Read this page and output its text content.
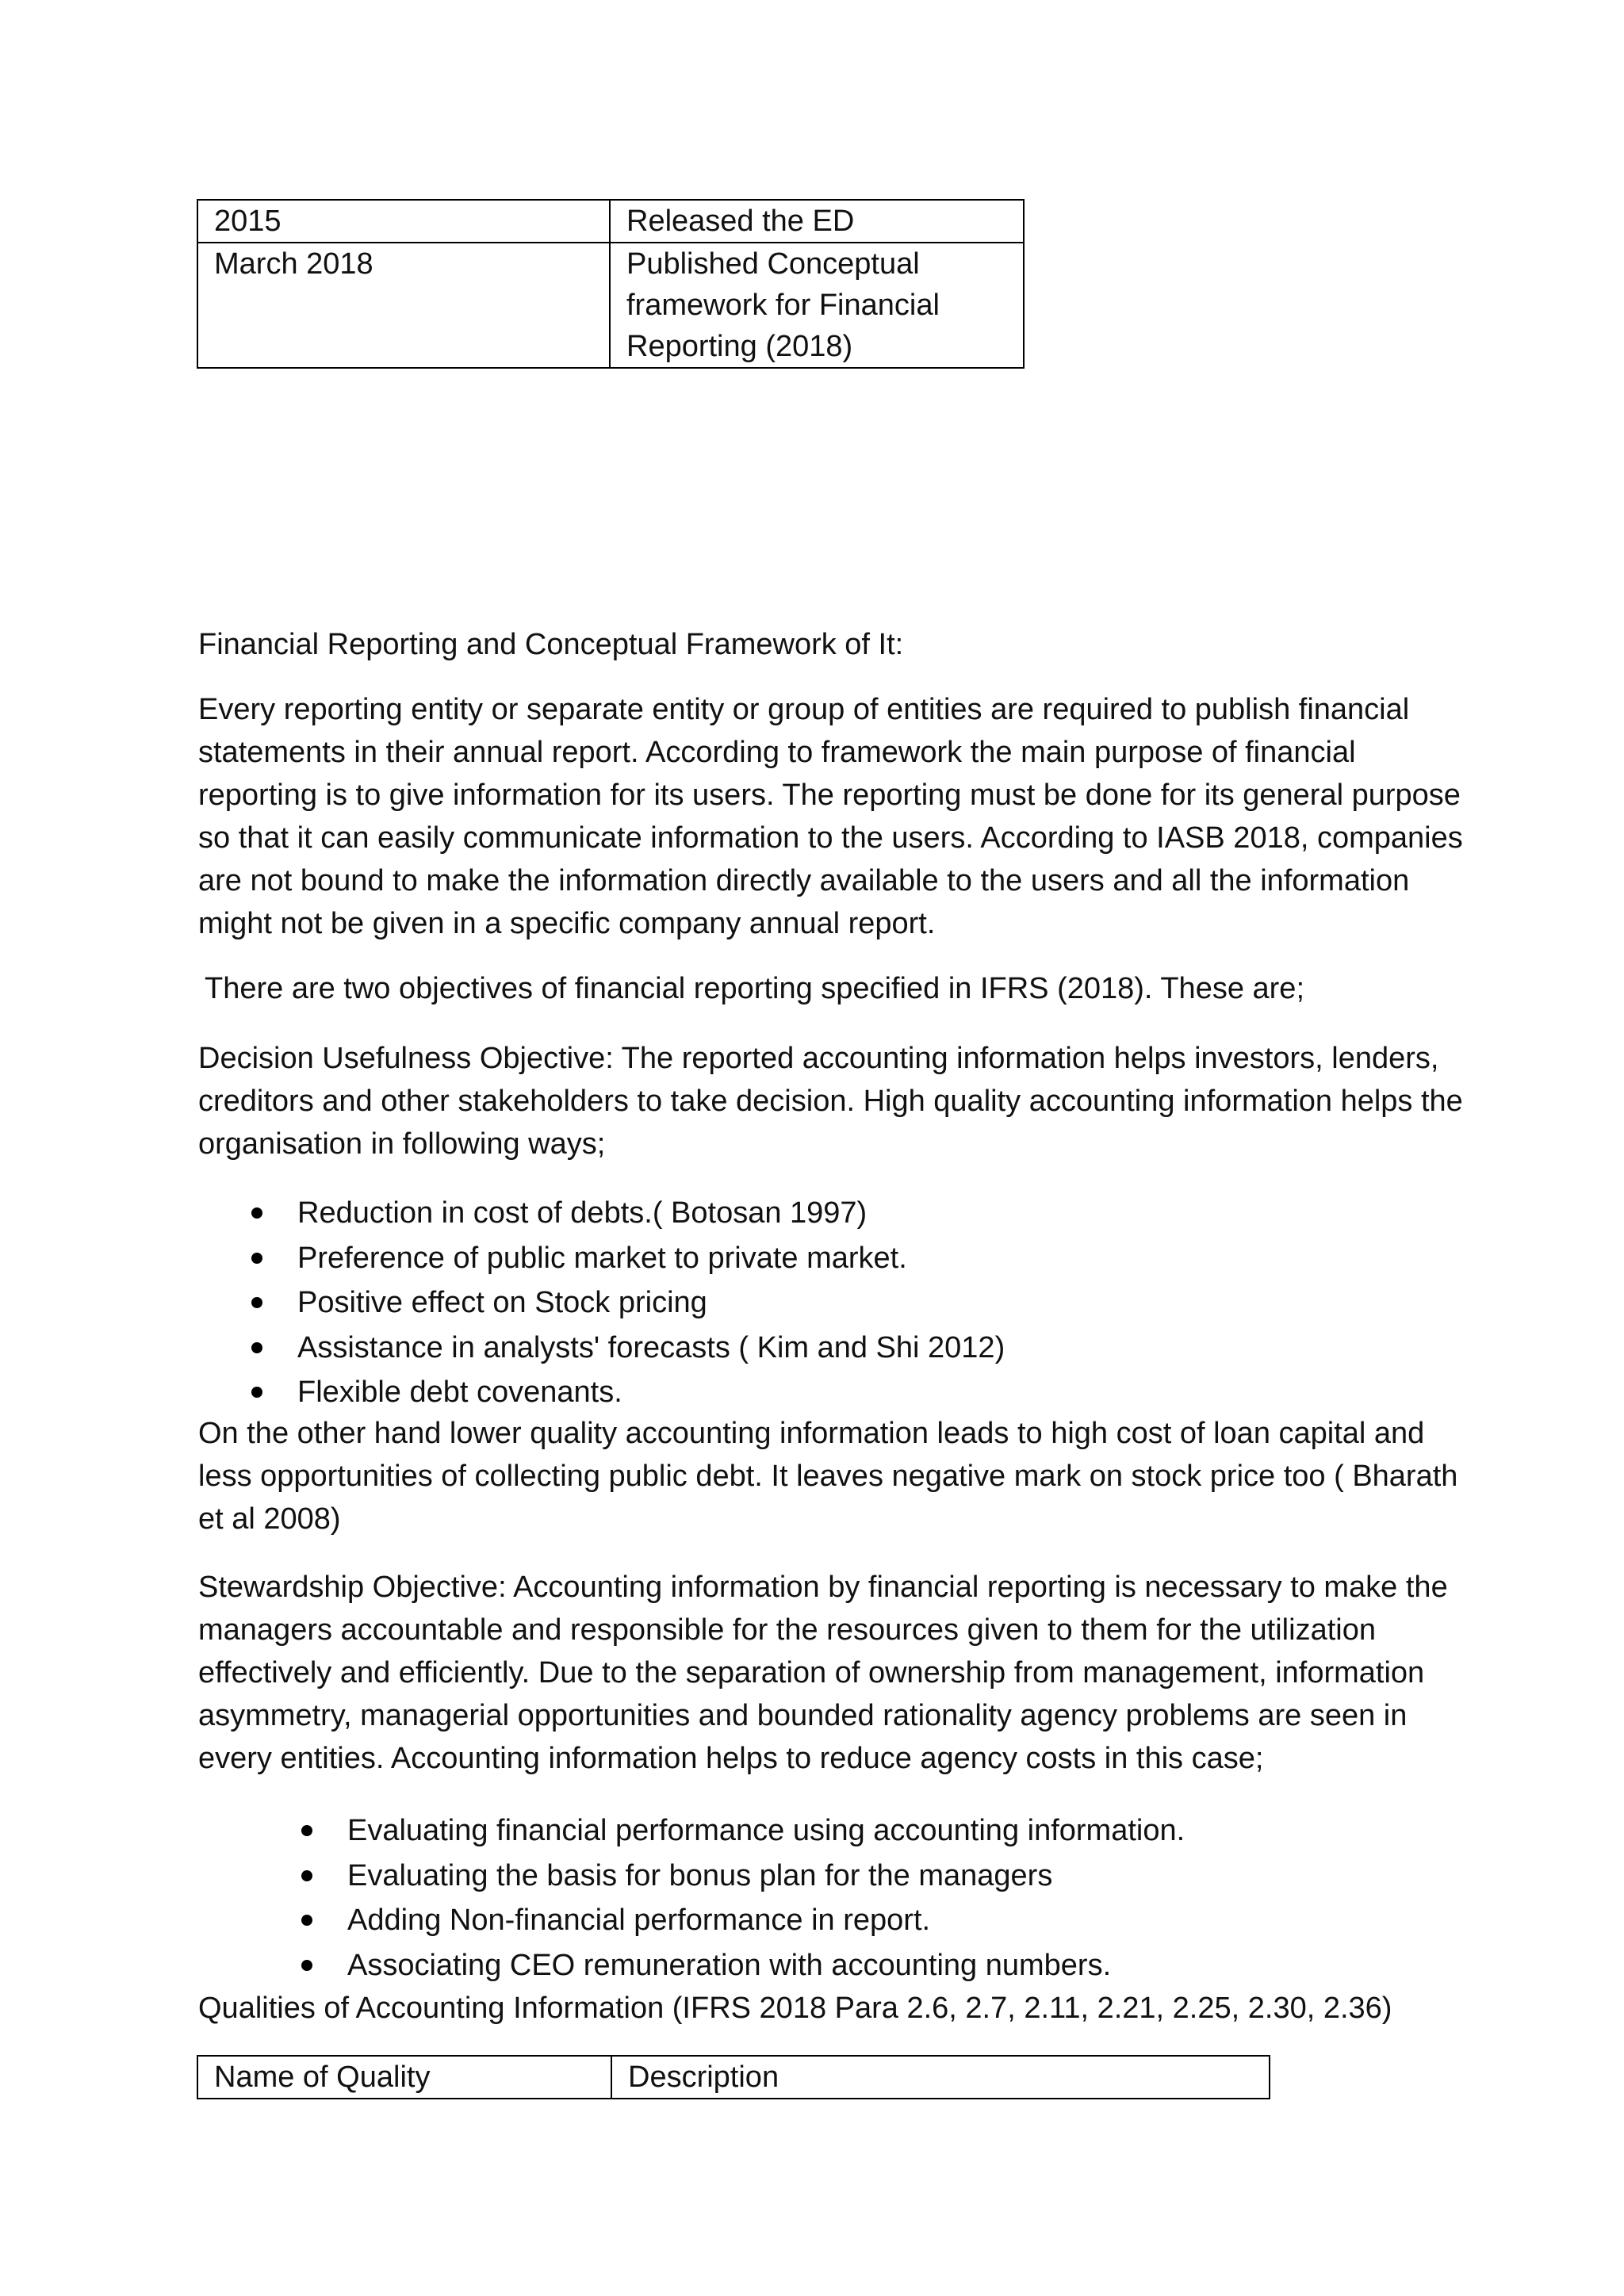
2015	Released the ED
March 2018	Published Conceptual framework for Financial Reporting (2018)

Financial Reporting and Conceptual Framework of It:

Every reporting entity or separate entity or group of entities are required to publish financial statements in their annual report. According to framework the main purpose of financial reporting is to give information for its users. The reporting must be done for its general purpose so that it can easily communicate information to the users. According to IASB 2018, companies are not bound to make the information directly available to the users and all the information might not be given in a specific company annual report.

There are two objectives of financial reporting specified in IFRS (2018). These are;

Decision Usefulness Objective: The reported accounting information helps investors, lenders, creditors and other stakeholders to take decision. High quality accounting information helps the organisation in following ways;

Reduction in cost of debts.( Botosan 1997)
Preference of public market to private market.
Positive effect on Stock pricing
Assistance in analysts' forecasts ( Kim and Shi 2012)
Flexible debt covenants.

On the other hand lower quality accounting information leads to high cost of loan capital and less opportunities of collecting public debt. It leaves negative mark on stock price too ( Bharath et al 2008)

Stewardship Objective: Accounting information by financial reporting is necessary to make the managers accountable and responsible for the resources given to them for the utilization effectively and efficiently. Due to the separation of ownership from management, information asymmetry, managerial opportunities and bounded rationality agency problems are seen in every entities. Accounting information helps to reduce agency costs in this case;

Evaluating financial performance using accounting information.
Evaluating the basis for bonus plan for the managers
Adding Non-financial performance in report.
Associating CEO remuneration with accounting numbers.

Qualities of Accounting Information (IFRS 2018 Para 2.6, 2.7, 2.11, 2.21, 2.25, 2.30, 2.36)

Name of Quality	Description
